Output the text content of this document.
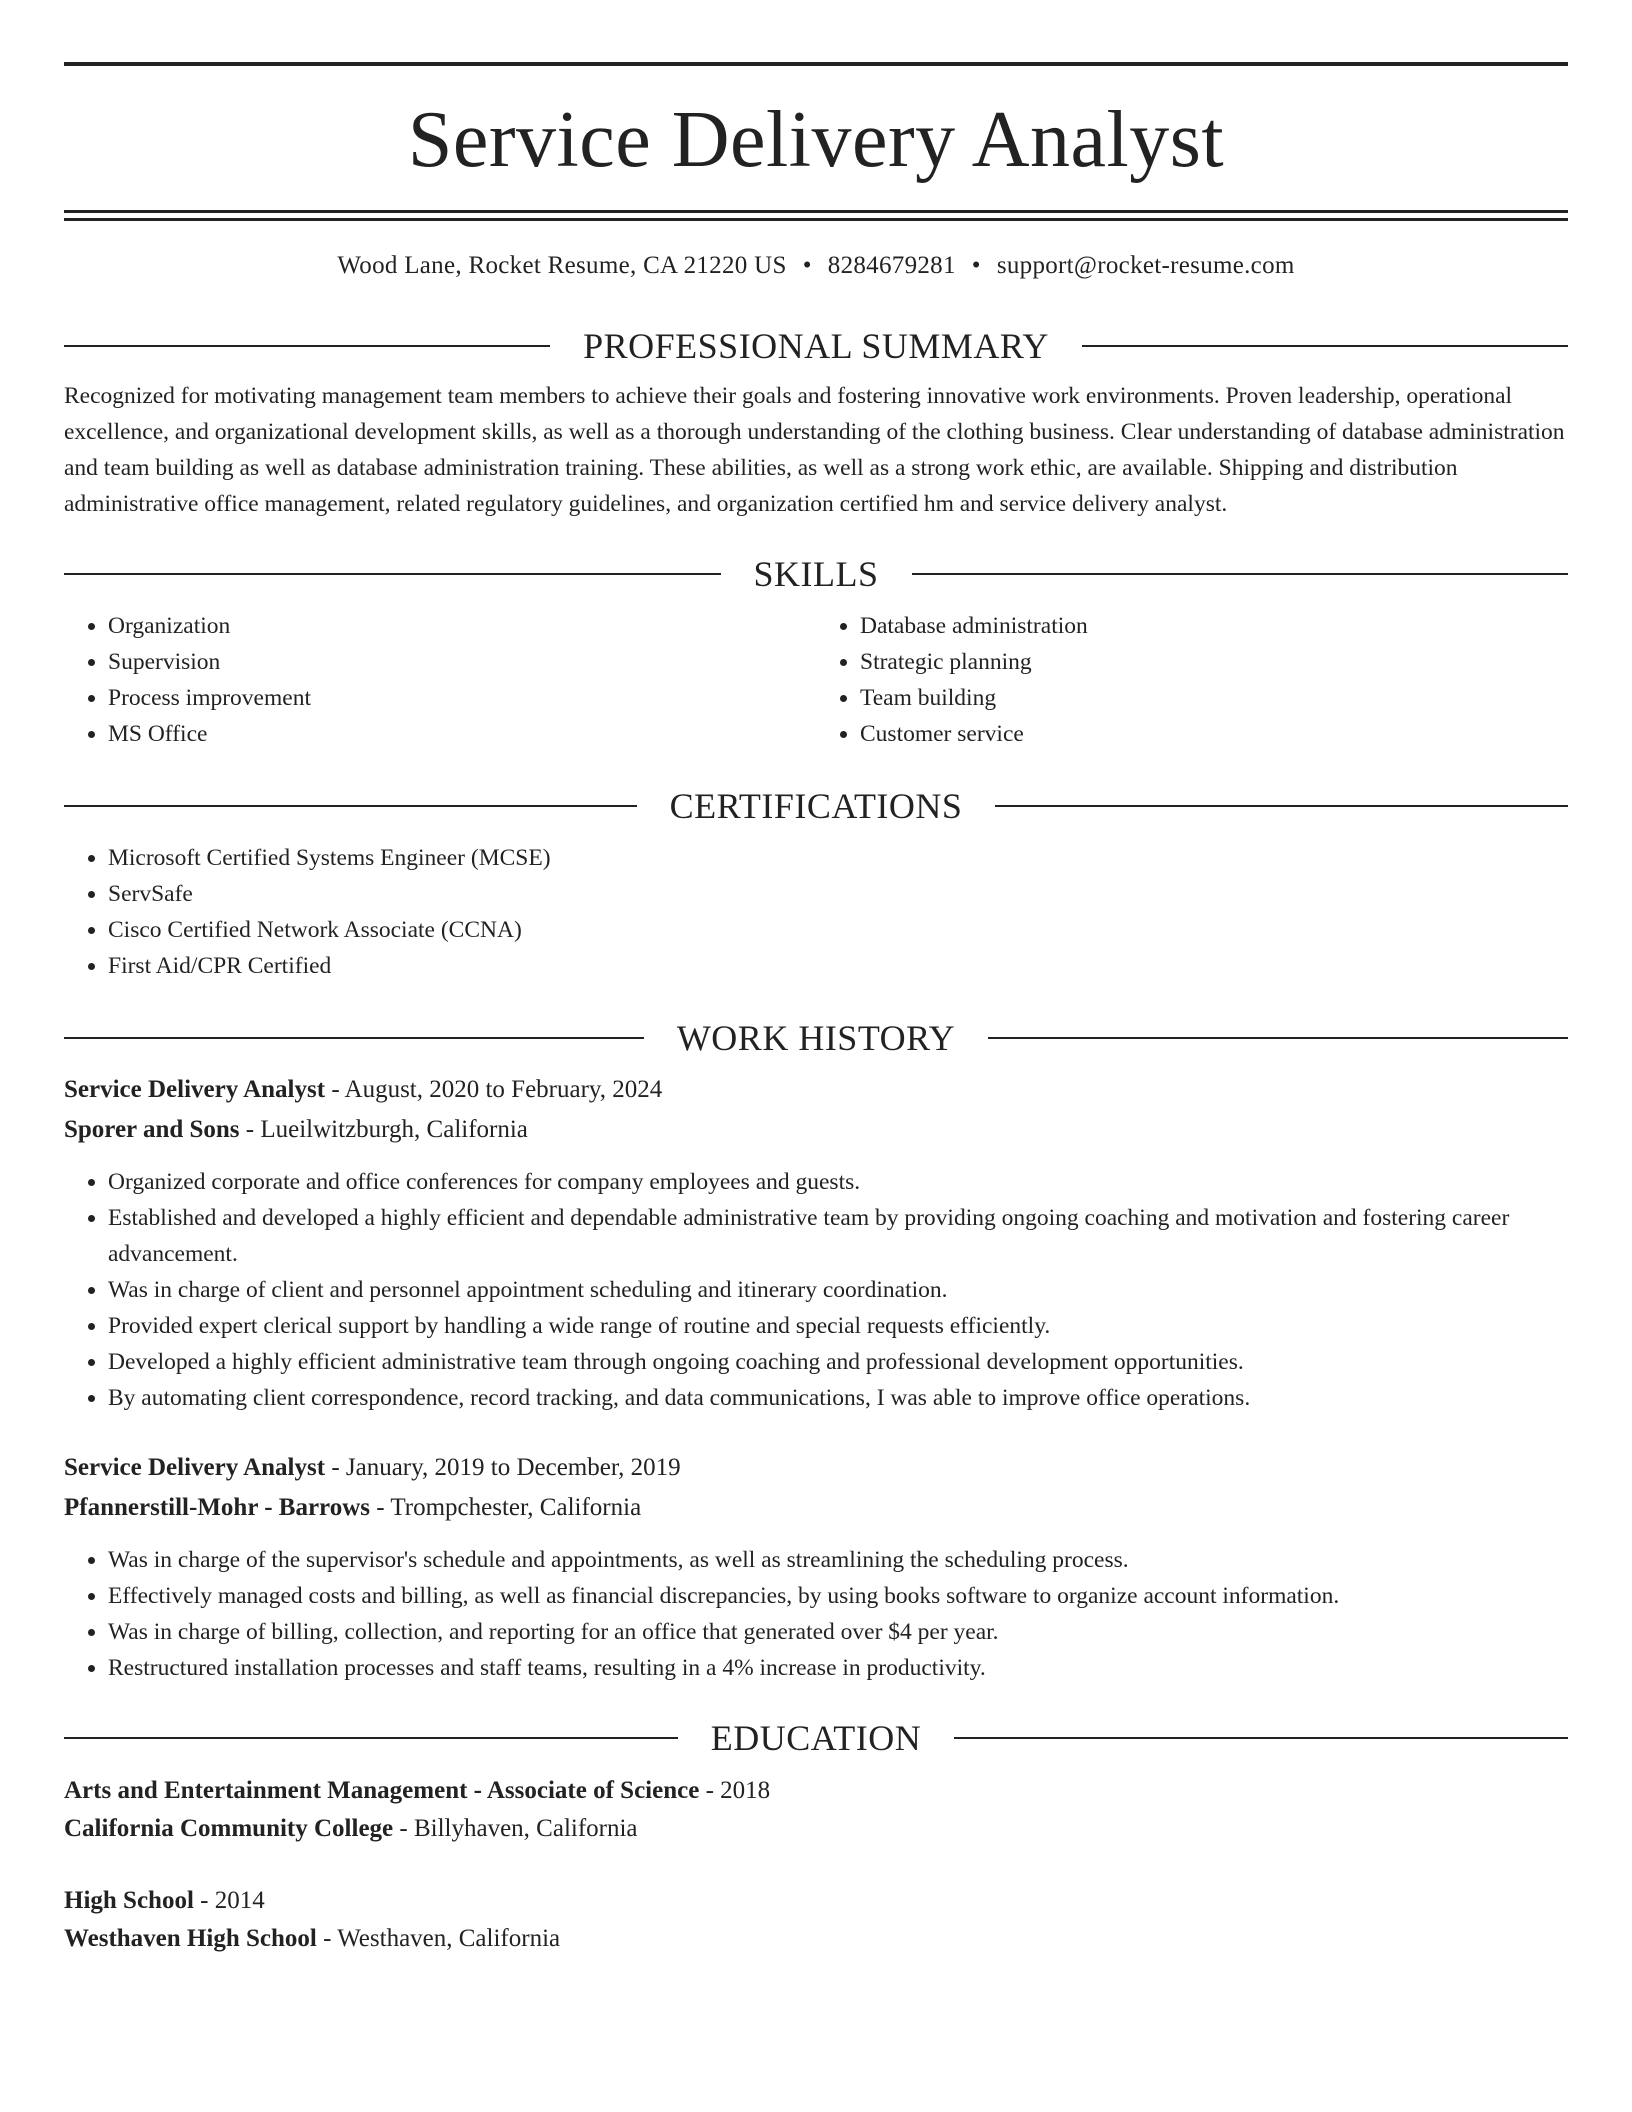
Service Delivery Analyst
Wood Lane, Rocket Resume, CA 21220 US • 8284679281 • support@rocket-resume.com
PROFESSIONAL SUMMARY
Recognized for motivating management team members to achieve their goals and fostering innovative work environments. Proven leadership, operational excellence, and organizational development skills, as well as a thorough understanding of the clothing business. Clear understanding of database administration and team building as well as database administration training. These abilities, as well as a strong work ethic, are available. Shipping and distribution administrative office management, related regulatory guidelines, and organization certified hm and service delivery analyst.
SKILLS
• Organization
• Supervision
• Process improvement
• MS Office
• Database administration
• Strategic planning
• Team building
• Customer service
CERTIFICATIONS
• Microsoft Certified Systems Engineer (MCSE)
• ServSafe
• Cisco Certified Network Associate (CCNA)
• First Aid/CPR Certified
WORK HISTORY
Service Delivery Analyst - August, 2020 to February, 2024
Sporer and Sons - Lueilwitzburgh, California
• Organized corporate and office conferences for company employees and guests.
• Established and developed a highly efficient and dependable administrative team by providing ongoing coaching and motivation and fostering career advancement.
• Was in charge of client and personnel appointment scheduling and itinerary coordination.
• Provided expert clerical support by handling a wide range of routine and special requests efficiently.
• Developed a highly efficient administrative team through ongoing coaching and professional development opportunities.
• By automating client correspondence, record tracking, and data communications, I was able to improve office operations.
Service Delivery Analyst - January, 2019 to December, 2019
Pfannerstill-Mohr - Barrows - Trompchester, California
• Was in charge of the supervisor's schedule and appointments, as well as streamlining the scheduling process.
• Effectively managed costs and billing, as well as financial discrepancies, by using books software to organize account information.
• Was in charge of billing, collection, and reporting for an office that generated over $4 per year.
• Restructured installation processes and staff teams, resulting in a 4% increase in productivity.
EDUCATION
Arts and Entertainment Management - Associate of Science - 2018
California Community College - Billyhaven, California
High School - 2014
Westhaven High School - Westhaven, California
